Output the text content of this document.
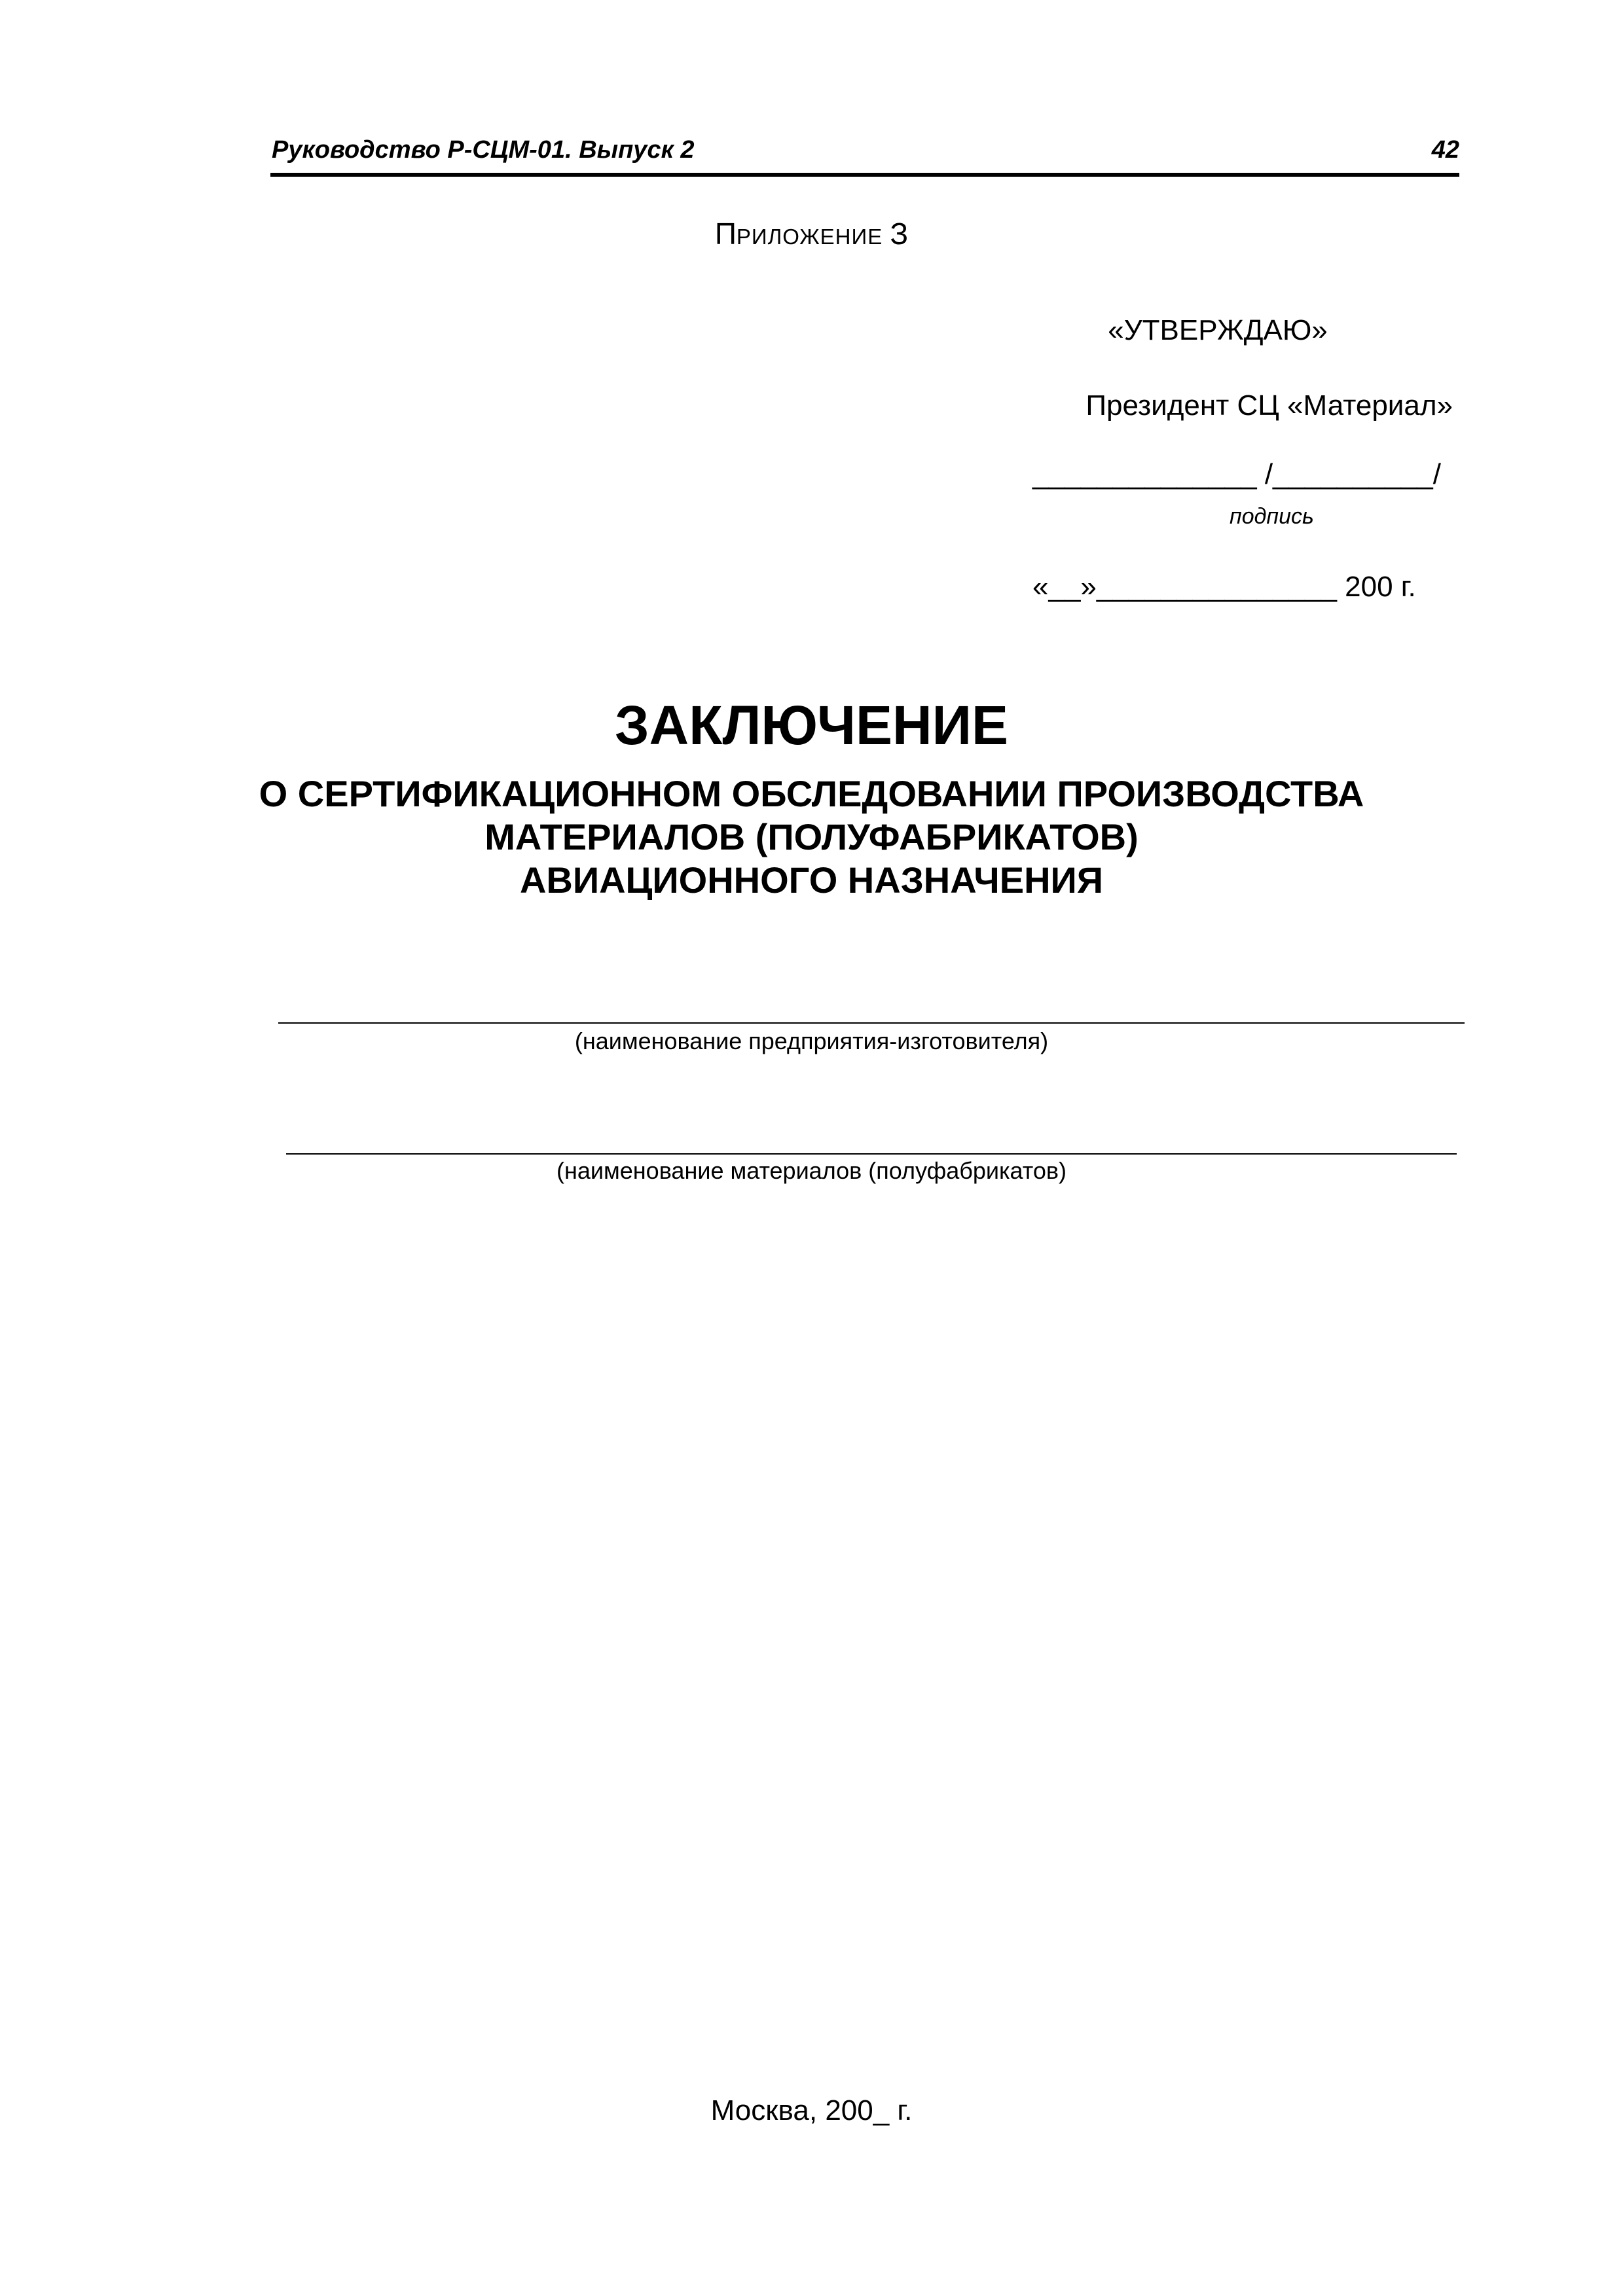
Руководство Р-СЦМ-01. Выпуск 2	42
ПРИЛОЖЕНИЕ З
«УТВЕРЖДАЮ»
Президент СЦ «Материал»
______________ /__________/
подпись
«__»_______________ 200 г.
ЗАКЛЮЧЕНИЕ
О СЕРТИФИКАЦИОННОМ ОБСЛЕДОВАНИИ ПРОИЗВОДСТВА
МАТЕРИАЛОВ (ПОЛУФАБРИКАТОВ)
АВИАЦИОННОГО НАЗНАЧЕНИЯ
(наименование предприятия-изготовителя)
(наименование материалов (полуфабрикатов)
Москва, 200_ г.
